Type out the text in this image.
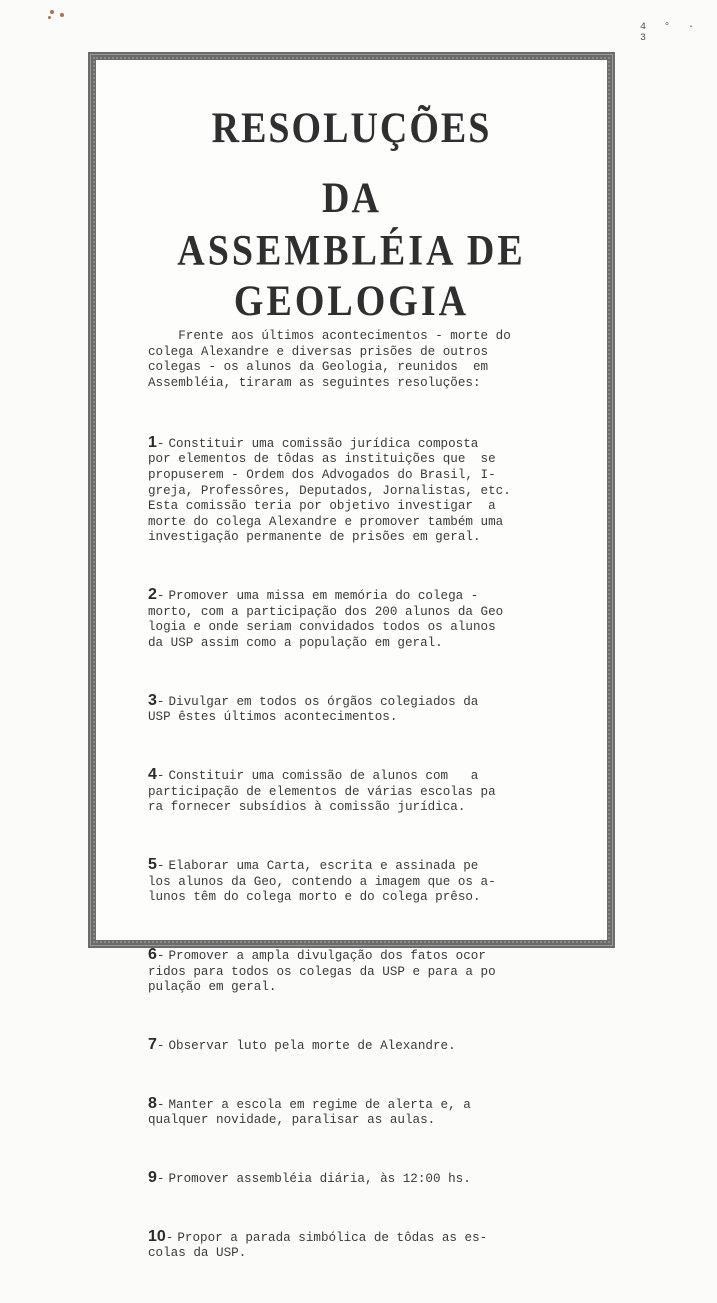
4 ° · 3
RESOLUÇÕES
DA
ASSEMBLÉIA DE GEOLOGIA

Frente aos últimos acontecimentos - morte do
colega Alexandre e diversas prisões de outros
colegas - os alunos da Geologia, reunidos  em
Assembléia, tiraram as seguintes resoluções:

1- Constituir uma comissão jurídica composta
por elementos de tôdas as instituições que  se
propuserem - Ordem dos Advogados do Brasil, I-
greja, Professôres, Deputados, Jornalistas, etc.
Esta comissão teria por objetivo investigar  a
morte do colega Alexandre e promover também uma
investigação permanente de prisões em geral.

2- Promover uma missa em memória do colega -
morto, com a participação dos 200 alunos da Geo
logia e onde seriam convidados todos os alunos
da USP assim como a população em geral.

3- Divulgar em todos os órgãos colegiados da
USP êstes últimos acontecimentos.

4- Constituir uma comissão de alunos com   a
participação de elementos de várias escolas pa
ra fornecer subsídios à comissão jurídica.

5- Elaborar uma Carta, escrita e assinada pe
los alunos da Geo, contendo a imagem que os a-
lunos têm do colega morto e do colega prêso.

6- Promover a ampla divulgação dos fatos ocor
ridos para todos os colegas da USP e para a po
pulação em geral.

7- Observar luto pela morte de Alexandre.

8- Manter a escola em regime de alerta e, a
qualquer novidade, paralisar as aulas.

9- Promover assembléia diária, às 12:00 hs.

10- Propor a parada simbólica de tôdas as es-
colas da USP.
